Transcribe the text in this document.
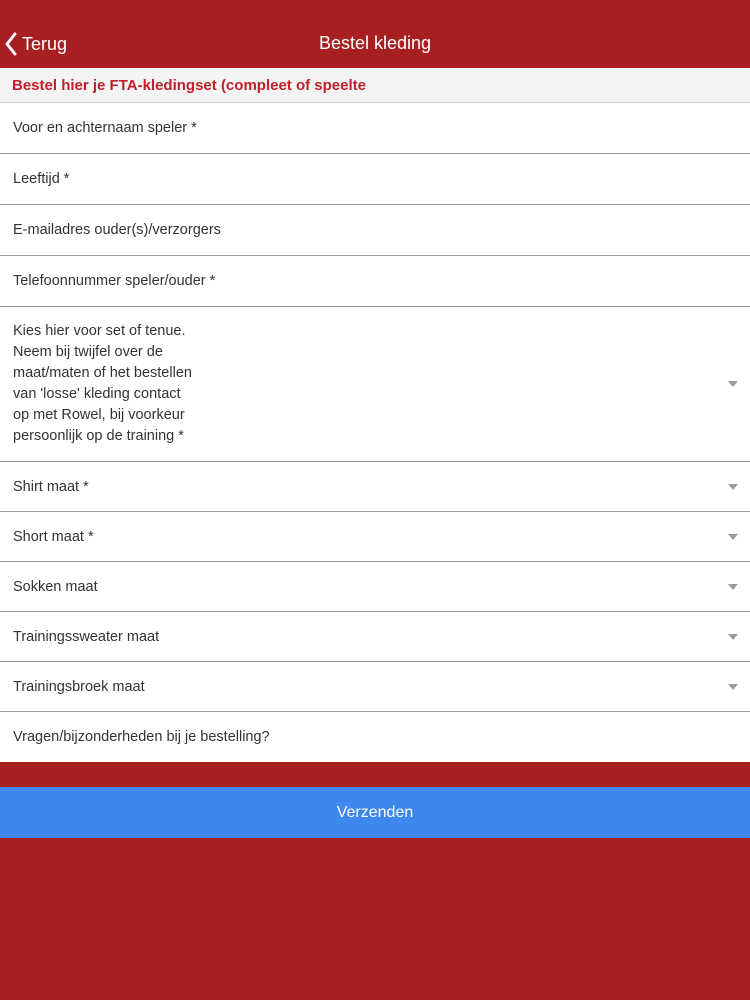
Terug	Bestel kleding
Bestel hier je FTA-kledingset (compleet of speelte
Voor en achternaam speler *
Leeftijd *
E-mailadres ouder(s)/verzorgers
Telefoonnummer speler/ouder *
Kies hier voor set of tenue.
Neem bij twijfel over de
maat/maten of het bestellen
van 'losse' kleding contact
op met Rowel, bij voorkeur
persoonlijk op de training *
Shirt maat *
Short maat *
Sokken maat
Trainingssweater maat
Trainingsbroek maat
Vragen/bijzonderheden bij je bestelling?
Verzenden
